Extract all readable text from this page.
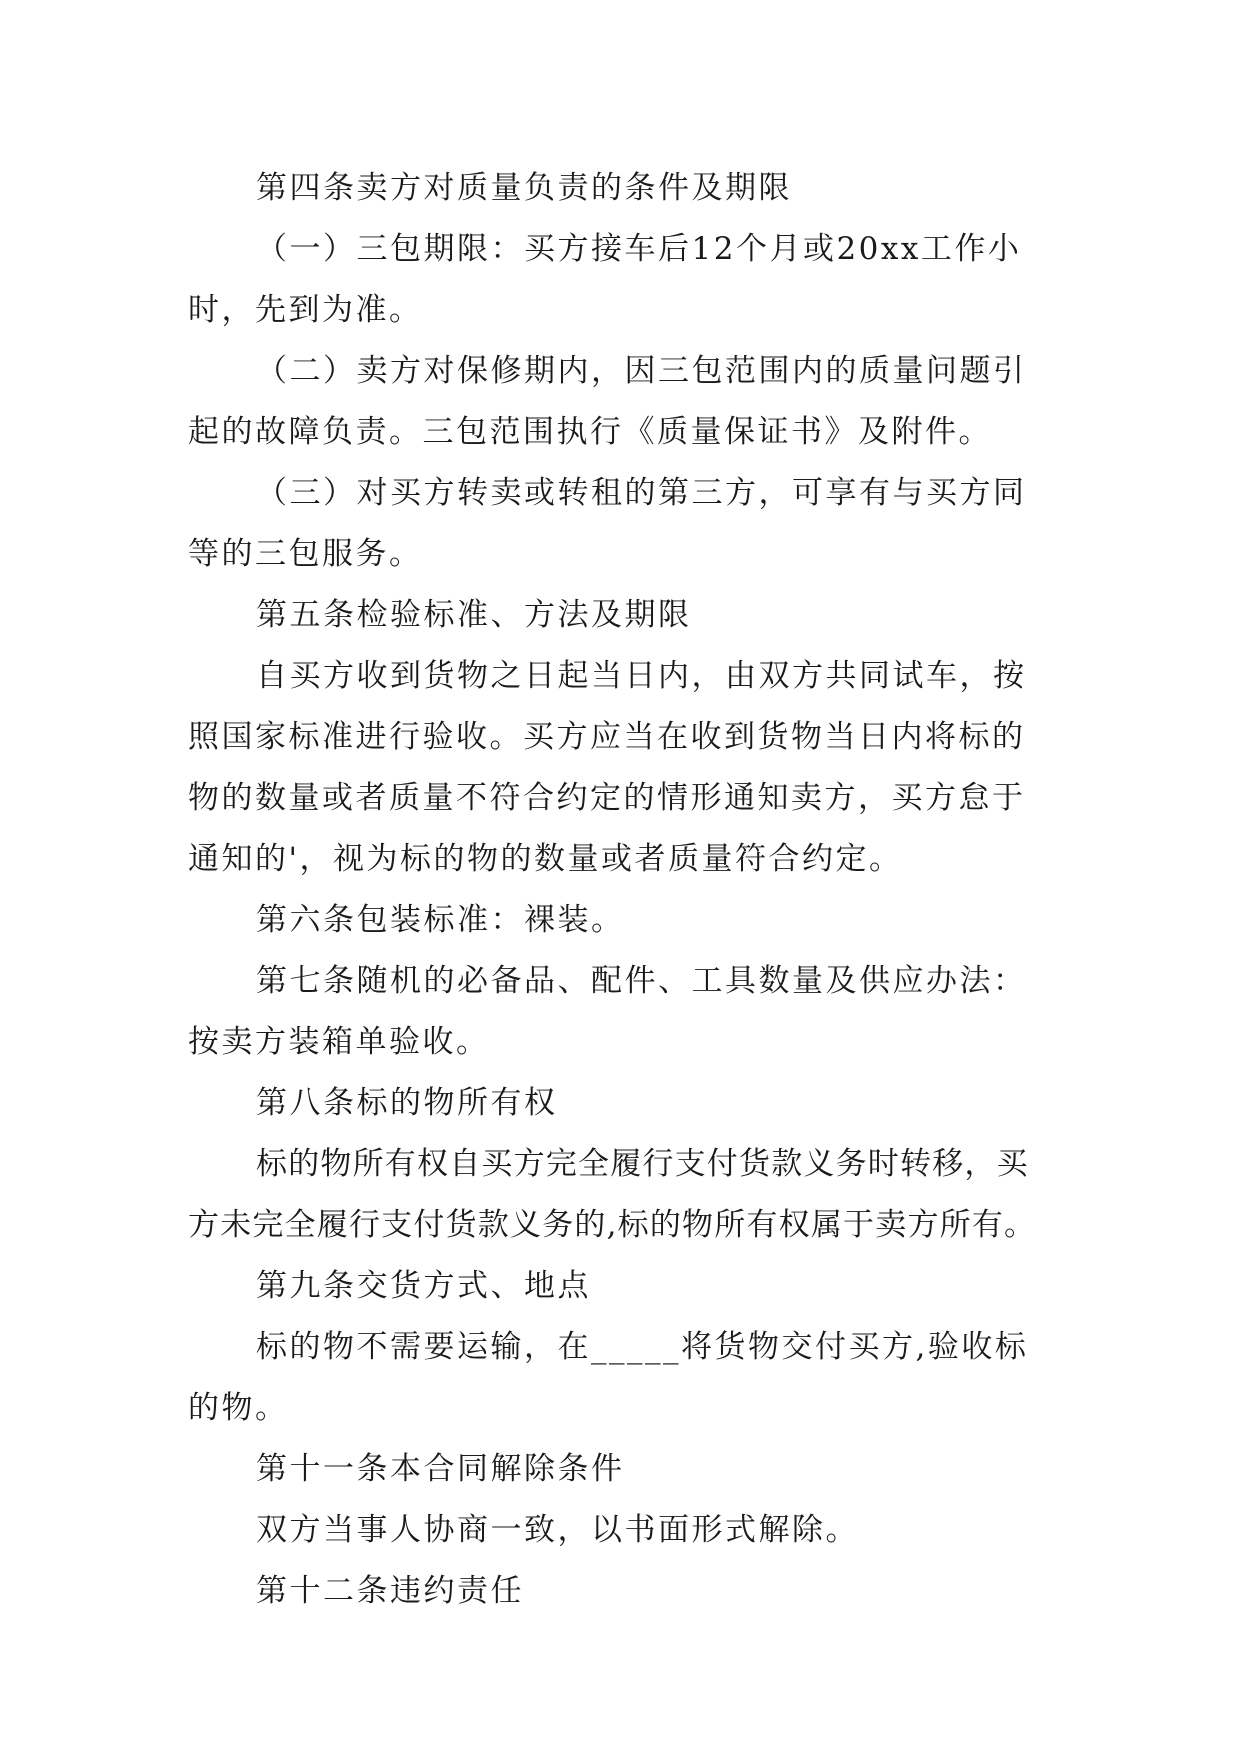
第四条卖方对质量负责的条件及期限

（一）三包期限：买方接车后12个月或20xx工作小时，先到为准。

（二）卖方对保修期内，因三包范围内的质量问题引起的故障负责。三包范围执行《质量保证书》及附件。

（三）对买方转卖或转租的第三方，可享有与买方同等的三包服务。

第五条检验标准、方法及期限

自买方收到货物之日起当日内，由双方共同试车，按照国家标准进行验收。买方应当在收到货物当日内将标的物的数量或者质量不符合约定的情形通知卖方，买方怠于通知的'，视为标的物的数量或者质量符合约定。

第六条包装标准：裸装。

第七条随机的必备品、配件、工具数量及供应办法：按卖方装箱单验收。

第八条标的物所有权

标的物所有权自买方完全履行支付货款义务时转移，买方未完全履行支付货款义务的,标的物所有权属于卖方所有。

第九条交货方式、地点

标的物不需要运输，在_____将货物交付买方,验收标的物。

第十一条本合同解除条件

双方当事人协商一致，以书面形式解除。

第十二条违约责任
